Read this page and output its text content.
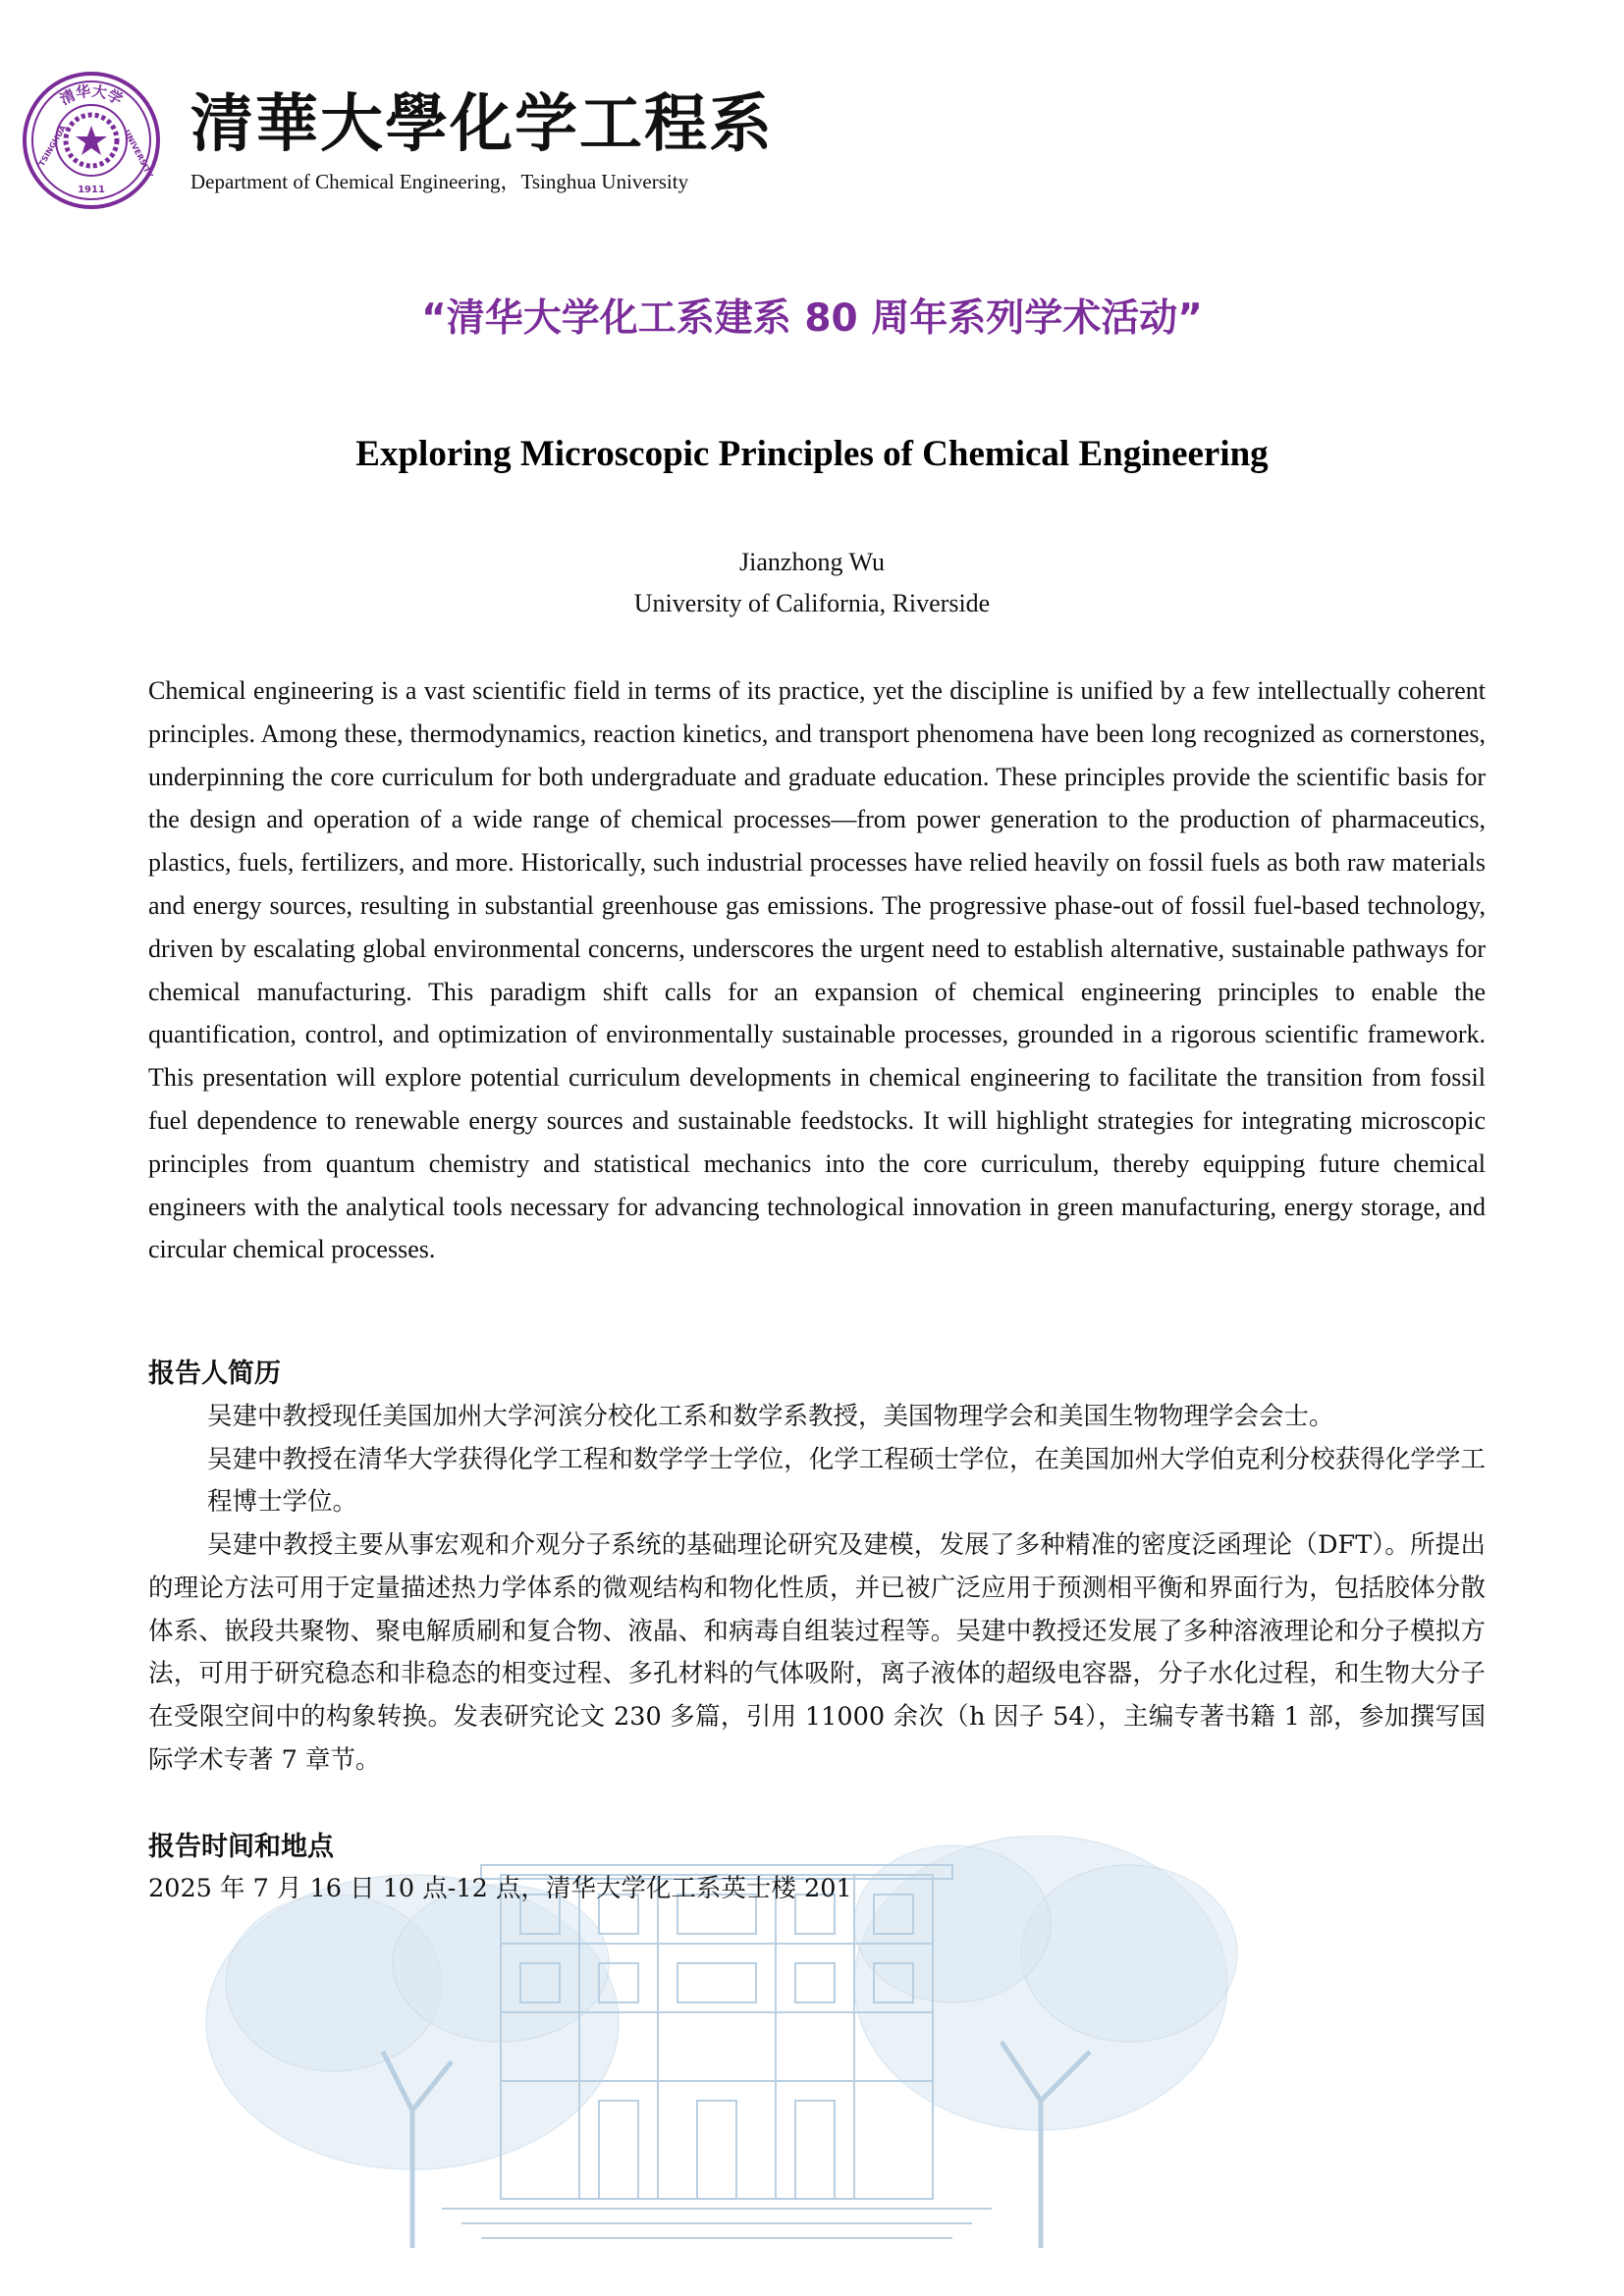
清华大学
TSINGHUA	UNIVERSITY
1911
清華大學化学工程系
Department of Chemical Engineering，Tsinghua University
“清华大学化工系建系 80 周年系列学术活动”
Exploring Microscopic Principles of Chemical Engineering
Jianzhong Wu
University of California, Riverside

Chemical engineering is a vast scientific field in terms of its practice, yet the discipline is unified by a few intellectually coherent principles. Among these, thermodynamics, reaction kinetics, and transport phenomena have been long recognized as cornerstones, underpinning the core curriculum for both undergraduate and graduate education. These principles provide the scientific basis for the design and operation of a wide range of chemical processes—from power generation to the production of pharmaceutics, plastics, fuels, fertilizers, and more. Historically, such industrial processes have relied heavily on fossil fuels as both raw materials and energy sources, resulting in substantial greenhouse gas emissions. The progressive phase-out of fossil fuel-based technology, driven by escalating global environmental concerns, underscores the urgent need to establish alternative, sustainable pathways for chemical manufacturing. This paradigm shift calls for an expansion of chemical engineering principles to enable the quantification, control, and optimization of environmentally sustainable processes, grounded in a rigorous scientific framework. This presentation will explore potential curriculum developments in chemical engineering to facilitate the transition from fossil fuel dependence to renewable energy sources and sustainable feedstocks. It will highlight strategies for integrating microscopic principles from quantum chemistry and statistical mechanics into the core curriculum, thereby equipping future chemical engineers with the analytical tools necessary for advancing technological innovation in green manufacturing, energy storage, and circular chemical processes.

报告人简历

吴建中教授现任美国加州大学河滨分校化工系和数学系教授，美国物理学会和美国生物物理学会会士。

吴建中教授在清华大学获得化学工程和数学学士学位，化学工程硕士学位，在美国加州大学伯克利分校获得化学学工程博士学位。

吴建中教授主要从事宏观和介观分子系统的基础理论研究及建模，发展了多种精准的密度泛函理论（DFT）。所提出的理论方法可用于定量描述热力学体系的微观结构和物化性质，并已被广泛应用于预测相平衡和界面行为，包括胶体分散体系、嵌段共聚物、聚电解质刷和复合物、液晶、和病毒自组装过程等。吴建中教授还发展了多种溶液理论和分子模拟方法，可用于研究稳态和非稳态的相变过程、多孔材料的气体吸附，离子液体的超级电容器，分子水化过程，和生物大分子在受限空间中的构象转换。发表研究论文 230 多篇，引用 11000 余次（h 因子 54），主编专著书籍 1 部，参加撰写国际学术专著 7 章节。

报告时间和地点

2025 年 7 月 16 日 10 点-12 点，清华大学化工系英士楼 201
